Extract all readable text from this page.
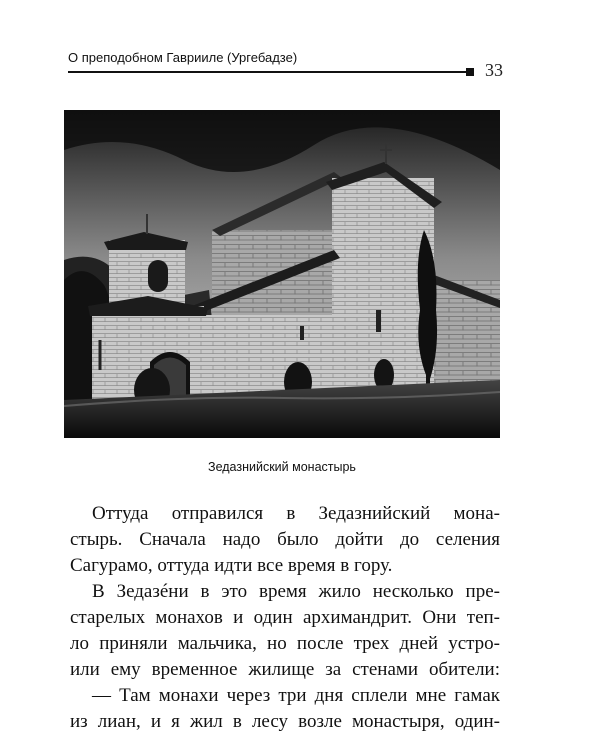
О преподобном Гаврииле (Ургебадзе)
33
Зедазнийский монастырь
Оттуда отправился в Зедазнийский мона-
стырь. Сначала надо было дойти до селения
Сагурамо, оттуда идти все время в гору.
В Зедазéни в это время жило несколько пре-
старелых монахов и один архимандрит. Они теп-
ло приняли мальчика, но после трех дней устро-
или ему временное жилище за стенами обители:
— Там монахи через три дня сплели мне гамак
из лиан, и я жил в лесу возле монастыря, один-
